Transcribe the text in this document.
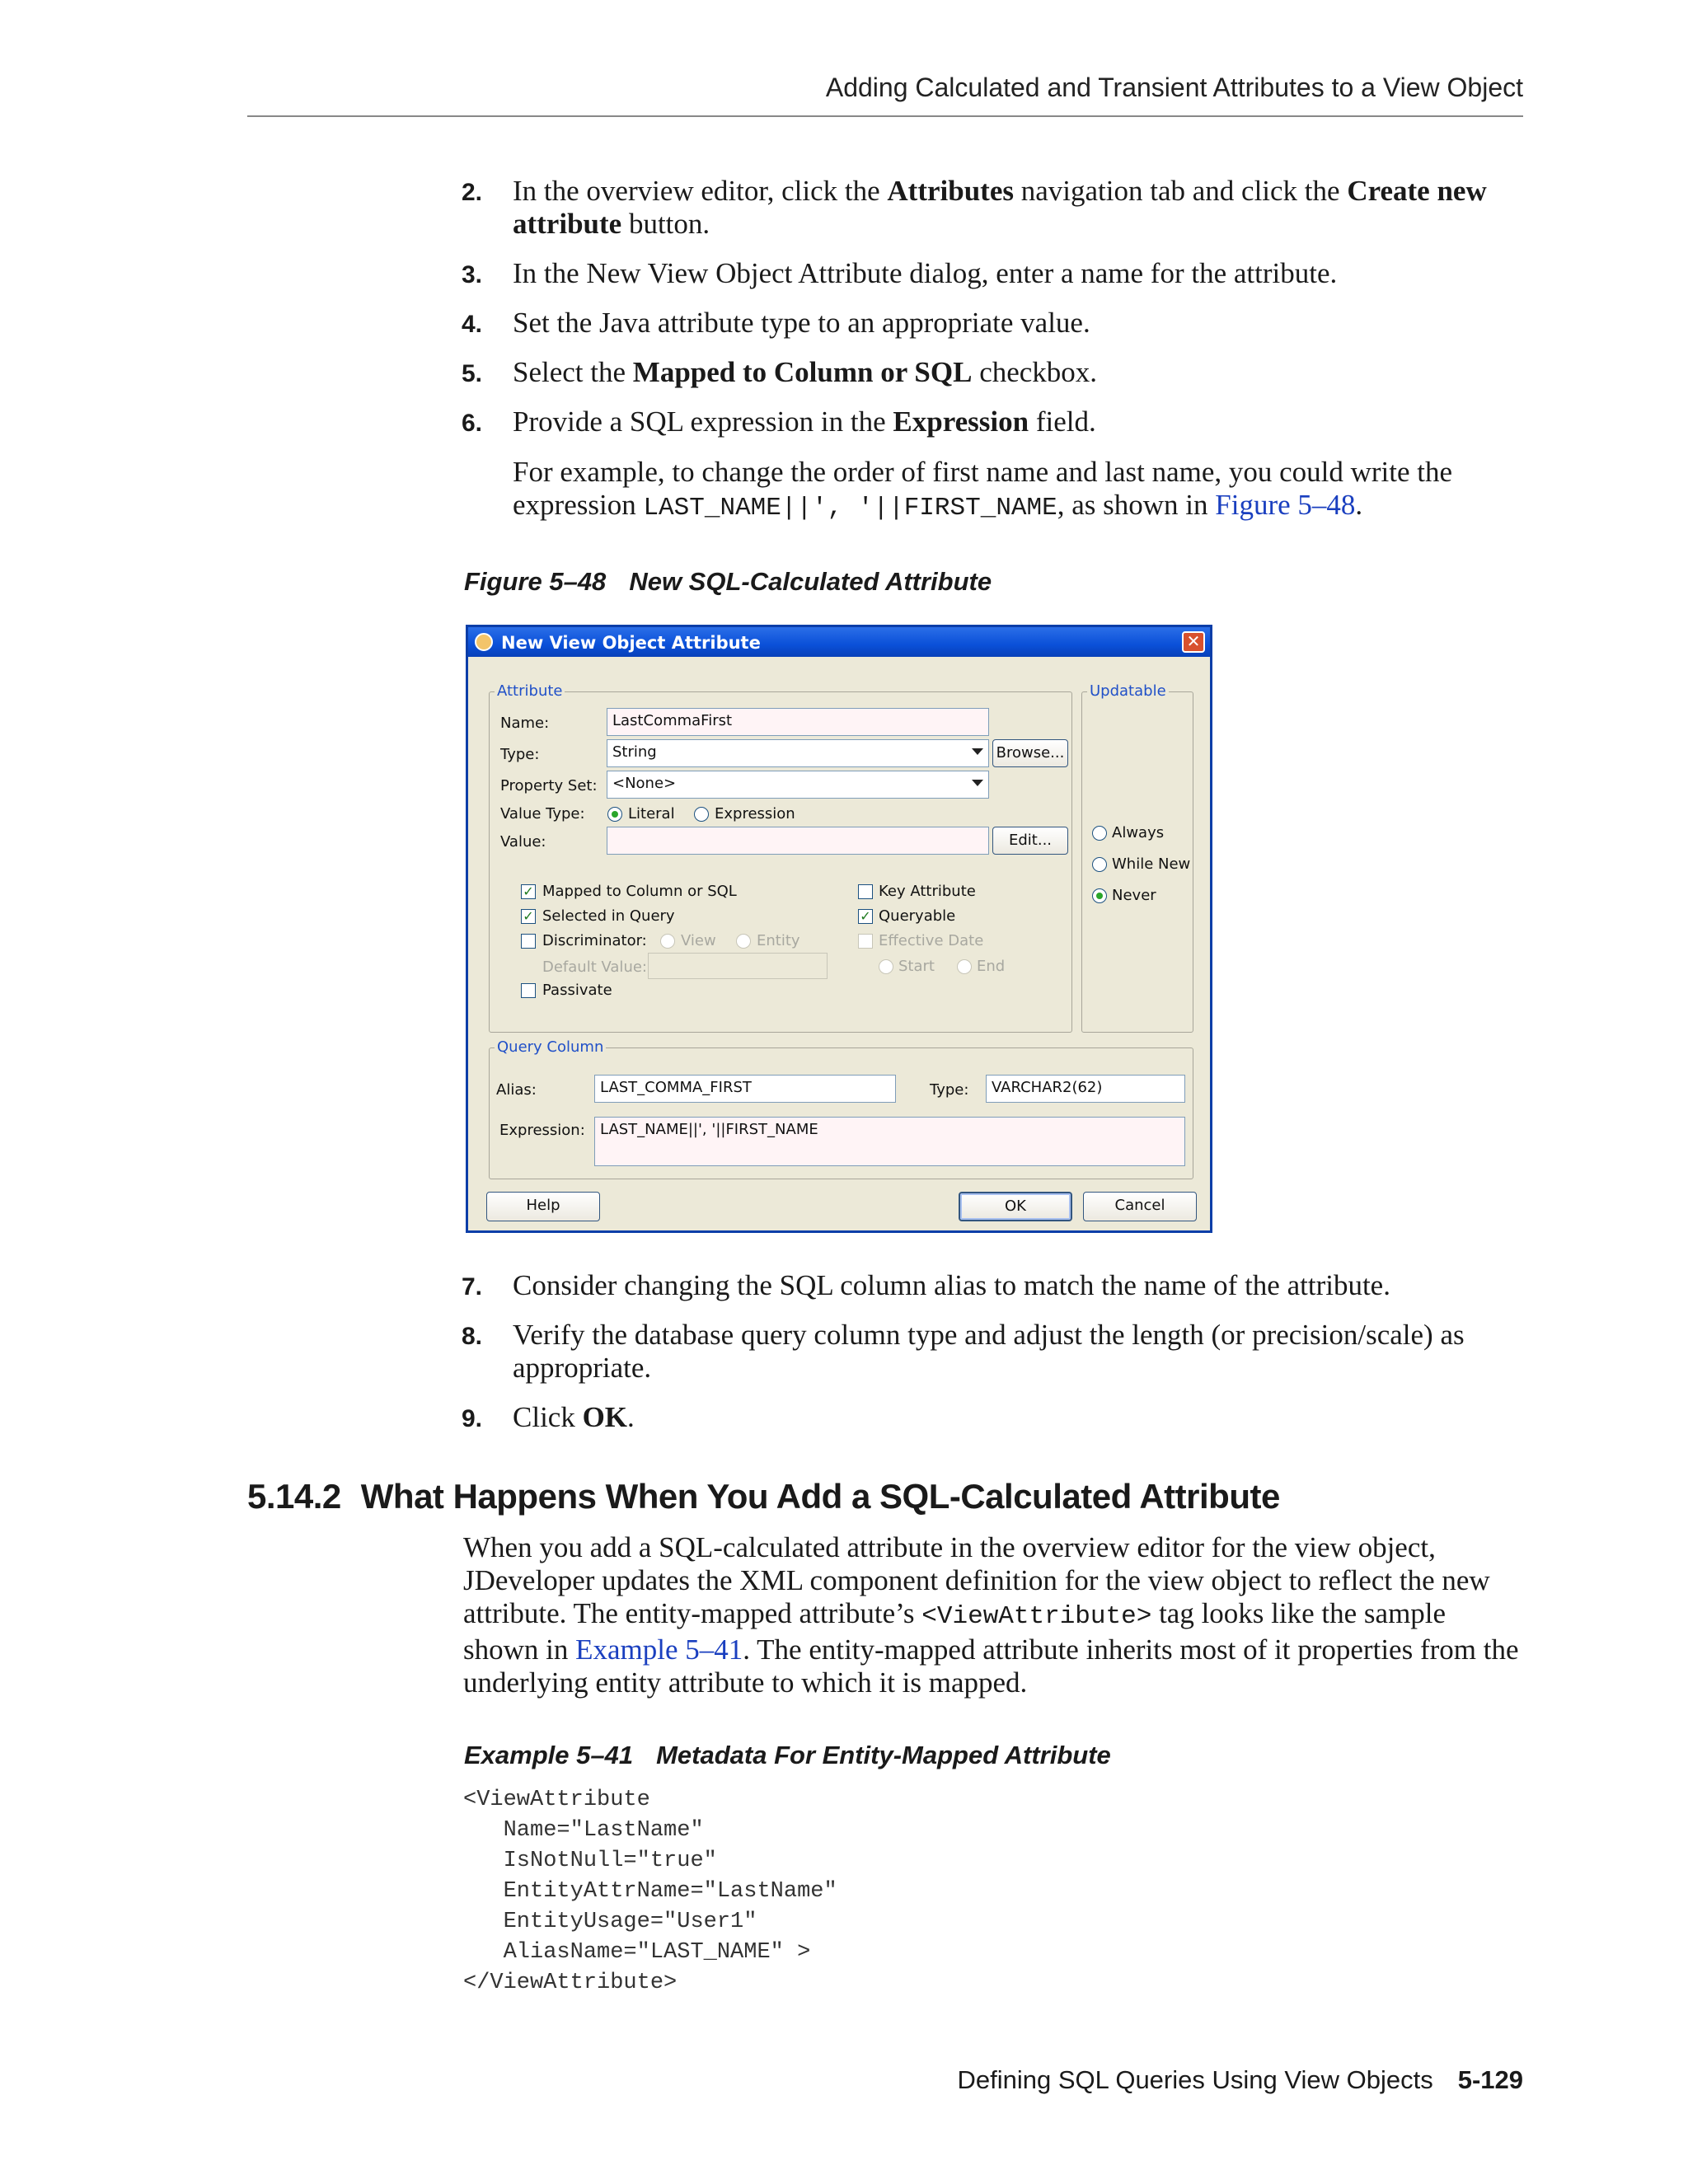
Adding Calculated and Transient Attributes to a View Object
2. In the overview editor, click the Attributes navigation tab and click the Create new attribute button.
3. In the New View Object Attribute dialog, enter a name for the attribute.
4. Set the Java attribute type to an appropriate value.
5. Select the Mapped to Column or SQL checkbox.
6. Provide a SQL expression in the Expression field.
For example, to change the order of first name and last name, you could write the expression LAST_NAME||', '||FIRST_NAME, as shown in Figure 5–48.
Figure 5–48 New SQL-Calculated Attribute
New View Object Attribute	✕
Attribute
Name:	LastCommaFirst
Type:	String	Browse...
Property Set:	<None>
Value Type:	Literal	Expression
Value:	Edit...
✓ Mapped to Column or SQL
✓ Selected in Query
Discriminator: View	Entity
Default Value:
Passivate
Key Attribute
✓ Queryable
Effective Date
Start	End
Updatable
Always
While New
Never
Query Column
Alias:	LAST_COMMA_FIRST	Type:	VARCHAR2(62)
Expression:	LAST_NAME||', '||FIRST_NAME
Help	OK	Cancel
7. Consider changing the SQL column alias to match the name of the attribute.
8. Verify the database query column type and adjust the length (or precision/scale) as appropriate.
9. Click OK.
5.14.2 What Happens When You Add a SQL-Calculated Attribute
When you add a SQL-calculated attribute in the overview editor for the view object, JDeveloper updates the XML component definition for the view object to reflect the new attribute. The entity-mapped attribute’s <ViewAttribute> tag looks like the sample shown in Example 5–41. The entity-mapped attribute inherits most of it properties from the underlying entity attribute to which it is mapped.
Example 5–41 Metadata For Entity-Mapped Attribute
<ViewAttribute
Name="LastName"
IsNotNull="true"
EntityAttrName="LastName"
EntityUsage="User1"
AliasName="LAST_NAME" >
</ViewAttribute>
Defining SQL Queries Using View Objects 5-129
